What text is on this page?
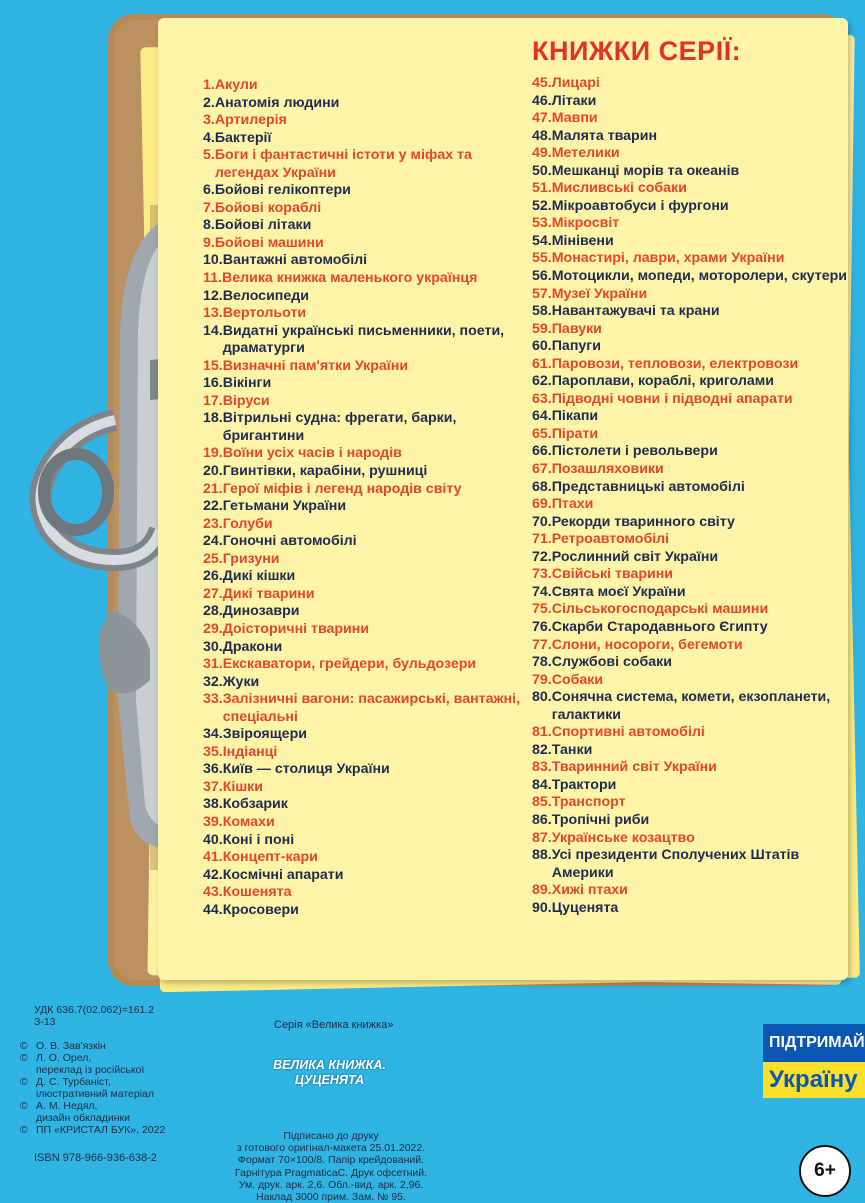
КНИЖКИ СЕРІЇ:
1. Акули
2. Анатомія людини
3. Артилерія
4. Бактерії
5. Боги і фантастичні істоти у міфах та легендах України
6. Бойові гелікоптери
7. Бойові кораблі
8. Бойові літаки
9. Бойові машини
10. Вантажні автомобілі
11. Велика книжка маленького українця
12. Велосипеди
13. Вертольоти
14. Видатні українські письменники, поети, драматурги
15. Визначні пам'ятки України
16. Вікінги
17. Віруси
18. Вітрильні судна: фрегати, барки, бригантини
19. Воїни усіх часів і народів
20. Гвинтівки, карабіни, рушниці
21. Герої міфів і легенд народів світу
22. Гетьмани України
23. Голуби
24. Гоночні автомобілі
25. Гризуни
26. Дикі кішки
27. Дикі тварини
28. Динозаври
29. Доісторичні тварини
30. Дракони
31. Екскаватори, грейдери, бульдозери
32. Жуки
33. Залізничні вагони: пасажирські, вантажні, спеціальні
34. Звіроящери
35. Індіанці
36. Київ — столиця України
37. Кішки
38. Кобзарик
39. Комахи
40. Коні і поні
41. Концепт-кари
42. Космічні апарати
43. Кошенята
44. Кросовери
45. Лицарі
46. Літаки
47. Мавпи
48. Малята тварин
49. Метелики
50. Мешканці морів та океанів
51. Мисливські собаки
52. Мікроавтобуси і фургони
53. Мікросвіт
54. Мінівени
55. Монастирі, лаври, храми України
56. Мотоцикли, мопеди, моторолери, скутери
57. Музеї України
58. Навантажувачі та крани
59. Павуки
60. Папуги
61. Паровози, тепловози, електровози
62. Пароплави, кораблі, криголами
63. Підводні човни і підводні апарати
64. Пікапи
65. Пірати
66. Пістолети і револьвери
67. Позашляховики
68. Представницькі автомобілі
69. Птахи
70. Рекорди тваринного світу
71. Ретроавтомобілі
72. Рослинний світ України
73. Свійські тварини
74. Свята моєї України
75. Сільськогосподарські машини
76. Скарби Стародавнього Єгипту
77. Слони, носороги, бегемоти
78. Службові собаки
79. Собаки
80. Сонячна система, комети, екзопланети, галактики
81. Спортивні автомобілі
82. Танки
83. Тваринний світ України
84. Трактори
85. Транспорт
86. Тропічні риби
87. Українське козацтво
88. Усі президенти Сполучених Штатів Америки
89. Хижі птахи
90. Цуценята
УДК 636.7(02.062)=161.2
З-13
© О. В. Зав'язкін
© Л. О. Орел,
переклад із російської
© Д. С. Турбаніст,
ілюстративний матеріал
© А. М. Недял,
дизайн обкладинки
© ПП «КРИСТАЛ БУК», 2022
Серія «Велика книжка»
ВЕЛИКА КНИЖКА.
ЦУЦЕНЯТА
Підписано до друку
з готового оригінал-макета 25.01.2022.
Формат 70×100/8. Папір крейдований.
Гарнітура PragmaticaC. Друк офсетний.
Ум. друк. арк. 2,6. Обл.-вид. арк. 2,96.
Наклад 3000 прим. Зам. № 95.
ISBN 978-966-936-638-2
ПІДТРИМАЙ
Україну
6+
